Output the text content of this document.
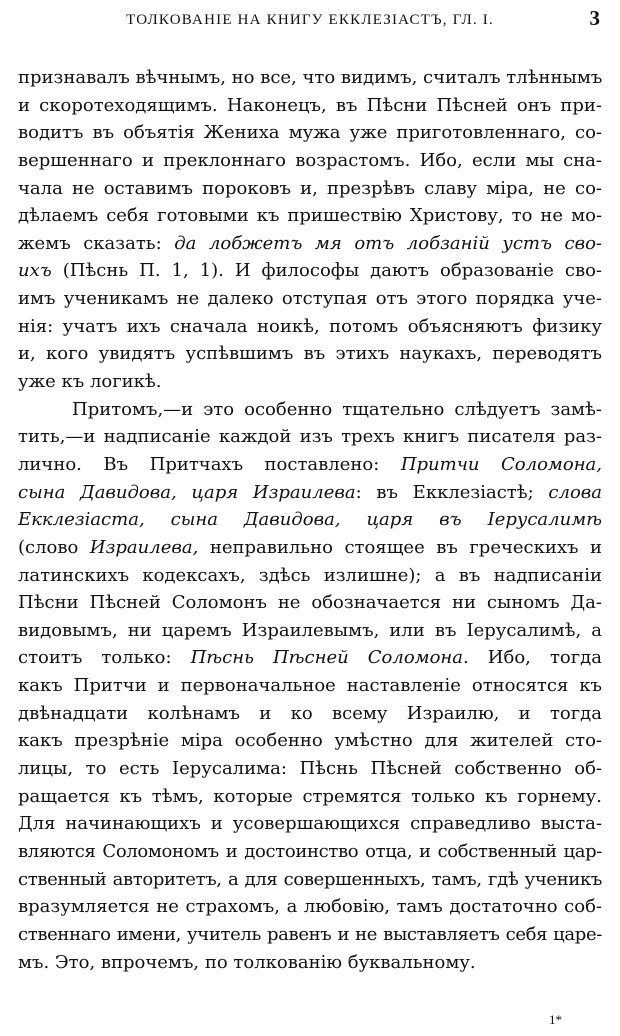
ТОЛКОВАНІЕ НА КНИГУ ЕККЛЕЗІАСТЪ, ГЛ. I.	3
признавалъ вѣчнымъ, но все, что видимъ, считалъ тлѣннымъ
и скоротеходящимъ. Наконецъ, въ Пѣсни Пѣсней онъ при-
водитъ въ объятія Жениха мужа уже приготовленнаго, со-
вершеннаго и преклоннаго возрастомъ. Ибо, если мы сна-
чала не оставимъ пороковъ и, презрѣвъ славу міра, не со-
дѣлаемъ себя готовыми къ пришествію Христову, то не мо-
жемъ сказать: да лобжетъ мя отъ лобзаній устъ сво-
ихъ (Пѣснь П. 1, 1). И философы даютъ образованіе сво-
имъ ученикамъ не далеко отступая отъ этого порядка уче-
нія: учатъ ихъ сначала ноикѣ, потомъ объясняютъ физику
и, кого увидятъ успѣвшимъ въ этихъ наукахъ, переводятъ
уже къ логикѣ.
Притомъ,—и это особенно тщательно слѣдуетъ замѣ-
тить,—и надписаніе каждой изъ трехъ книгъ писателя раз-
лично. Въ Притчахъ поставлено: Притчи Соломона,
сына Давидова, царя Израилева: въ Екклезіастѣ; слова
Екклезіаста, сына Давидова, царя въ Іерусалимѣ
(слово Израилева, неправильно стоящее въ греческихъ и
латинскихъ кодексахъ, здѣсь излишне); а въ надписаніи
Пѣсни Пѣсней Соломонъ не обозначается ни сыномъ Да-
видовымъ, ни царемъ Израилевымъ, или въ Іерусалимѣ, а
стоитъ только: Пѣснь Пѣсней Соломона. Ибо, тогда
какъ Притчи и первоначальное наставленіе относятся къ
двѣнадцати колѣнамъ и ко всему Израилю, и тогда
какъ презрѣніе міра особенно умѣстно для жителей сто-
лицы, то есть Іерусалима: Пѣснь Пѣсней собственно об-
ращается къ тѣмъ, которые стремятся только къ горнему.
Для начинающихъ и усовершающихся справедливо выста-
вляются Соломономъ и достоинство отца, и собственный цар-
ственный авторитетъ, а для совершенныхъ, тамъ, гдѣ ученикъ
вразумляется не страхомъ, а любовію, тамъ достаточно соб-
ственнаго имени, учитель равенъ и не выставляетъ себя царе-
мъ. Это, впрочемъ, по толкованію буквальному.
1*
